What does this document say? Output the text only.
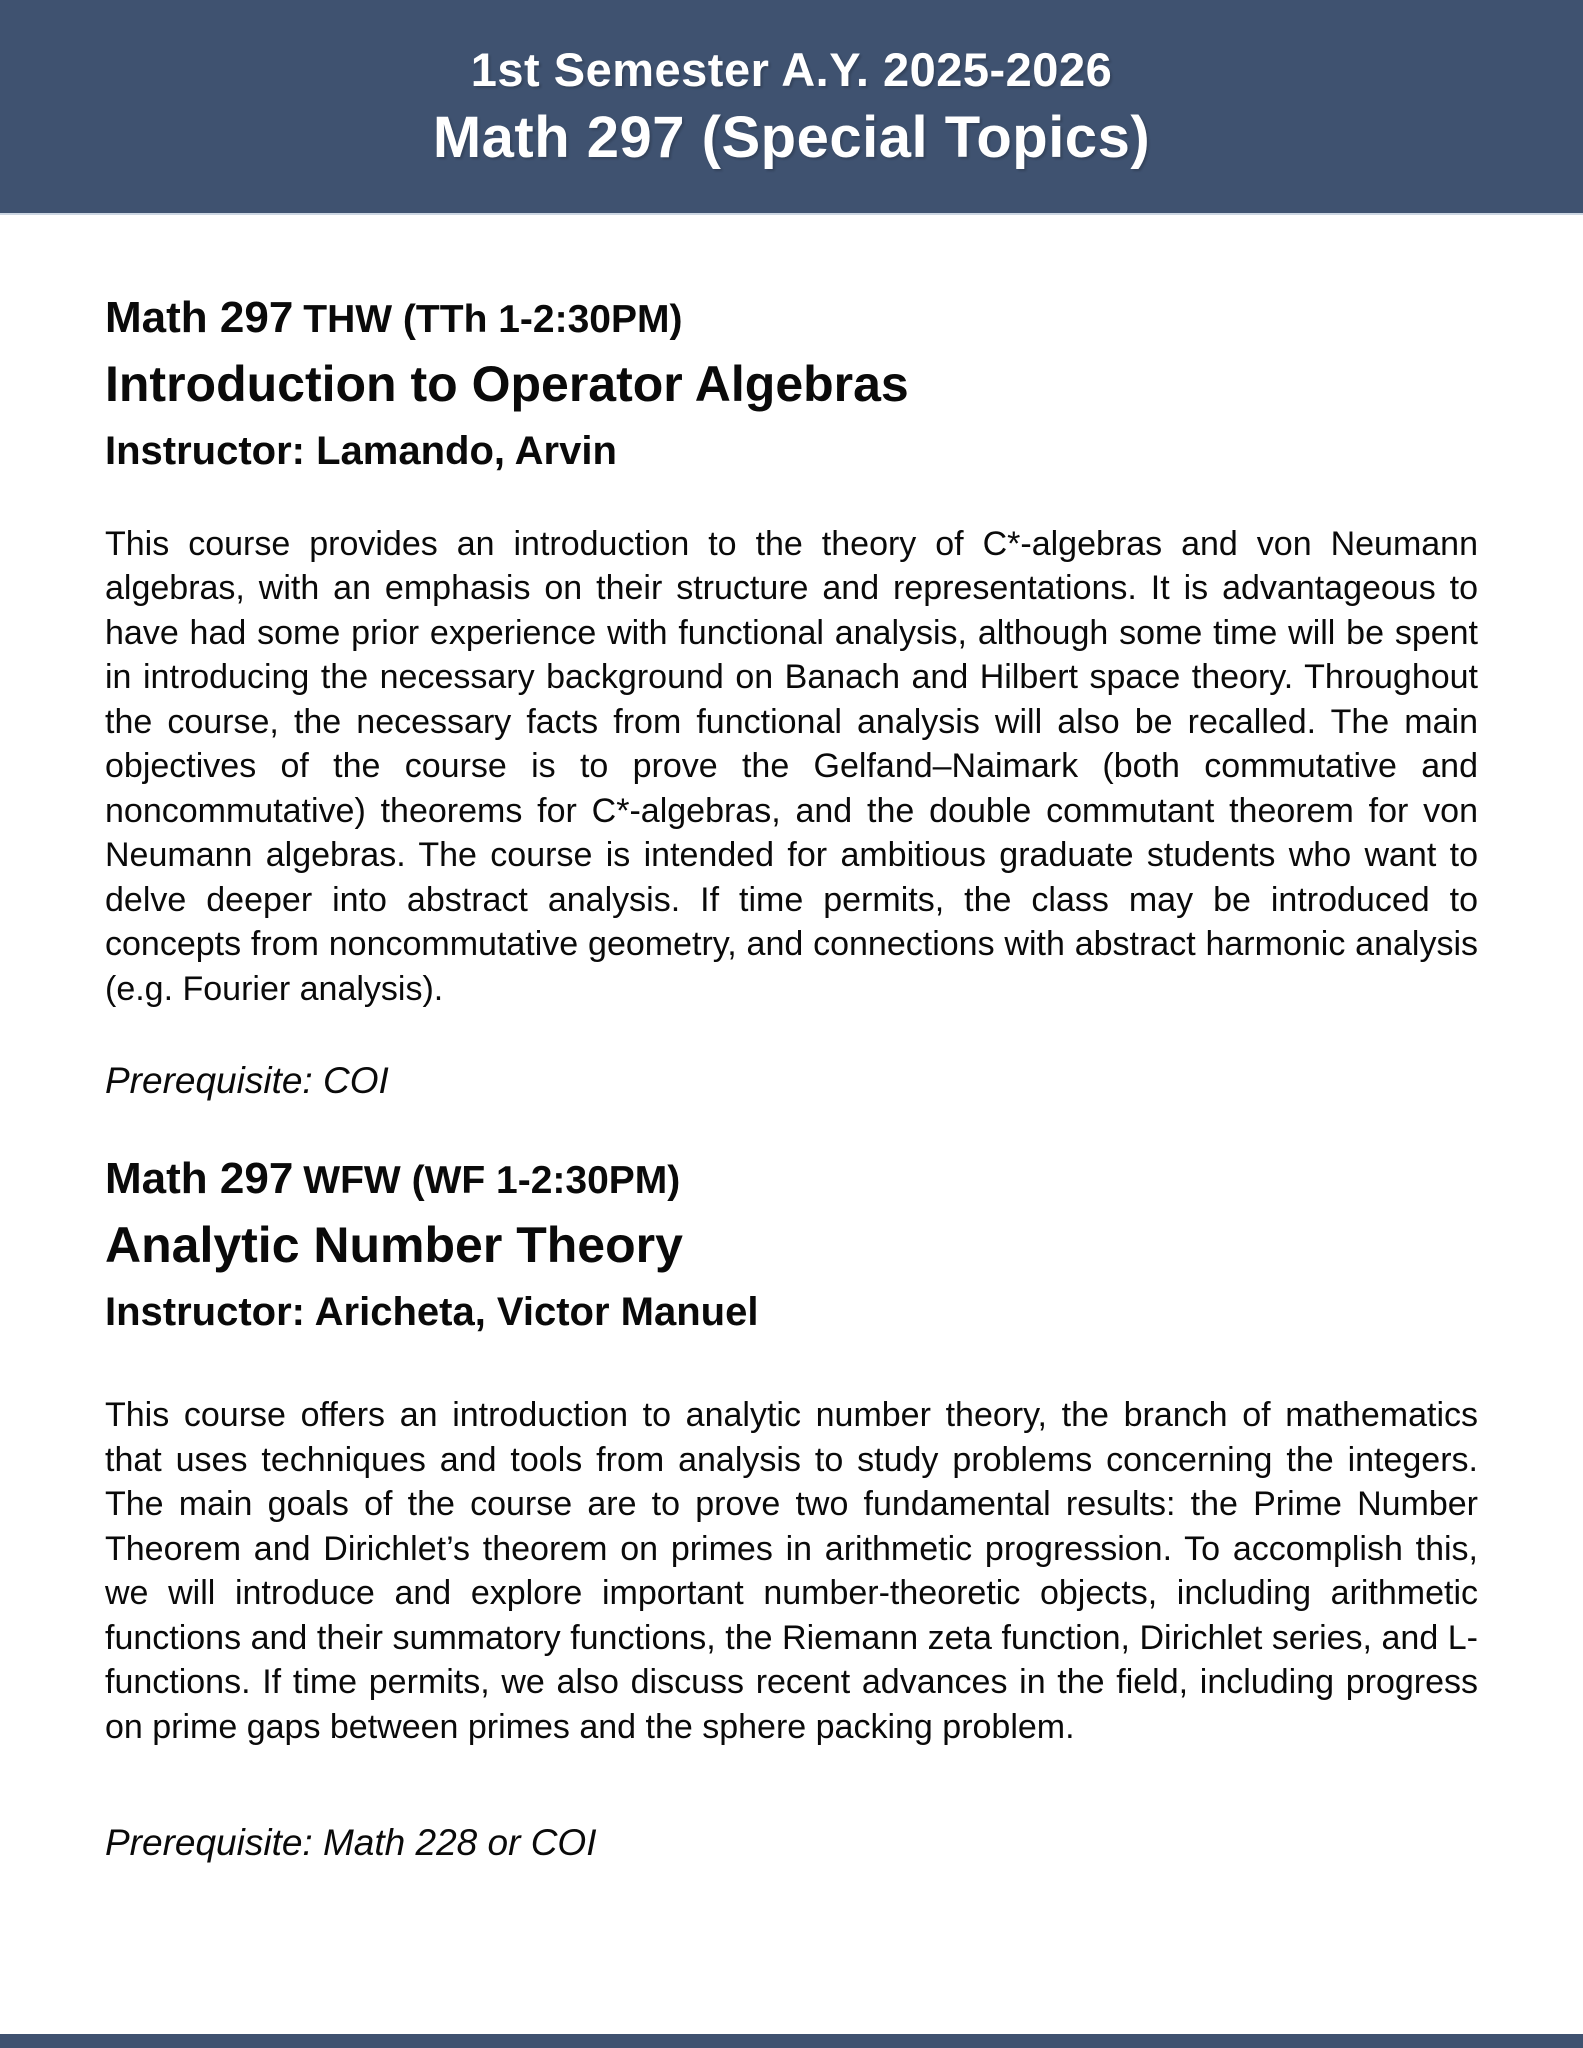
1st Semester A.Y. 2025-2026
Math 297 (Special Topics)
Math 297 THW (TTh 1-2:30PM)
Introduction to Operator Algebras
Instructor: Lamando, Arvin

This course provides an introduction to the theory of C*-algebras and von Neumann algebras, with an emphasis on their structure and representations. It is advantageous to have had some prior experience with functional analysis, although some time will be spent in introducing the necessary background on Banach and Hilbert space theory. Throughout the course, the necessary facts from functional analysis will also be recalled. The main objectives of the course is to prove the Gelfand–Naimark (both commutative and noncommutative) theorems for C*-algebras, and the double commutant theorem for von Neumann algebras. The course is intended for ambitious graduate students who want to delve deeper into abstract analysis. If time permits, the class may be introduced to concepts from noncommutative geometry, and connections with abstract harmonic analysis (e.g. Fourier analysis).

Prerequisite: COI
Math 297 WFW (WF 1-2:30PM)
Analytic Number Theory
Instructor: Aricheta, Victor Manuel

This course offers an introduction to analytic number theory, the branch of mathematics that uses techniques and tools from analysis to study problems concerning the integers. The main goals of the course are to prove two fundamental results: the Prime Number Theorem and Dirichlet’s theorem on primes in arithmetic progression. To accomplish this, we will introduce and explore important number-theoretic objects, including arithmetic functions and their summatory functions, the Riemann zeta function, Dirichlet series, and L-functions. If time permits, we also discuss recent advances in the field, including progress on prime gaps between primes and the sphere packing problem.

Prerequisite: Math 228 or COI
